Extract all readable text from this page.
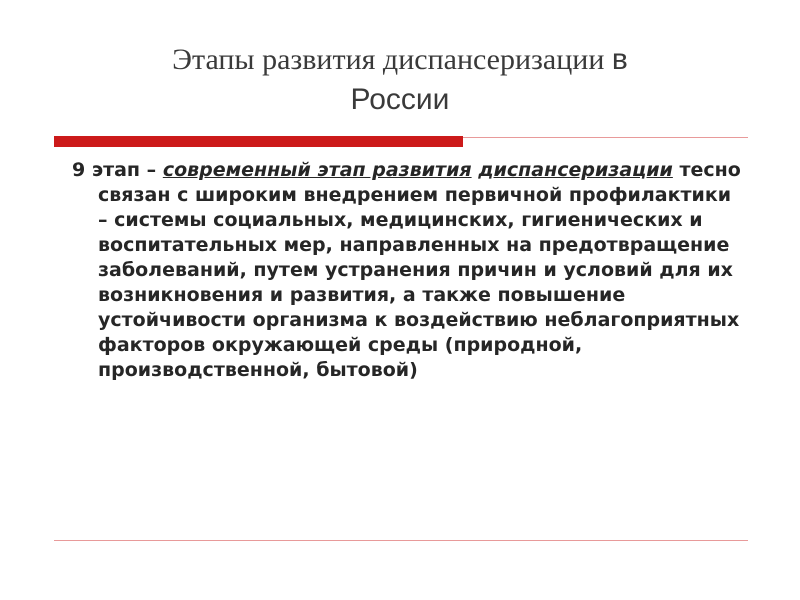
Этапы развития диспансеризации в
России
9 этап – современный этап развития диспансеризации тесно связан с широким внедрением первичной профилактики – системы социальных, медицинских, гигиенических и воспитательных мер, направленных на предотвращение заболеваний, путем устранения причин и условий для их возникновения и развития, а также повышение устойчивости организма к воздействию неблагоприятных факторов окружающей среды (природной, производственной, бытовой)
